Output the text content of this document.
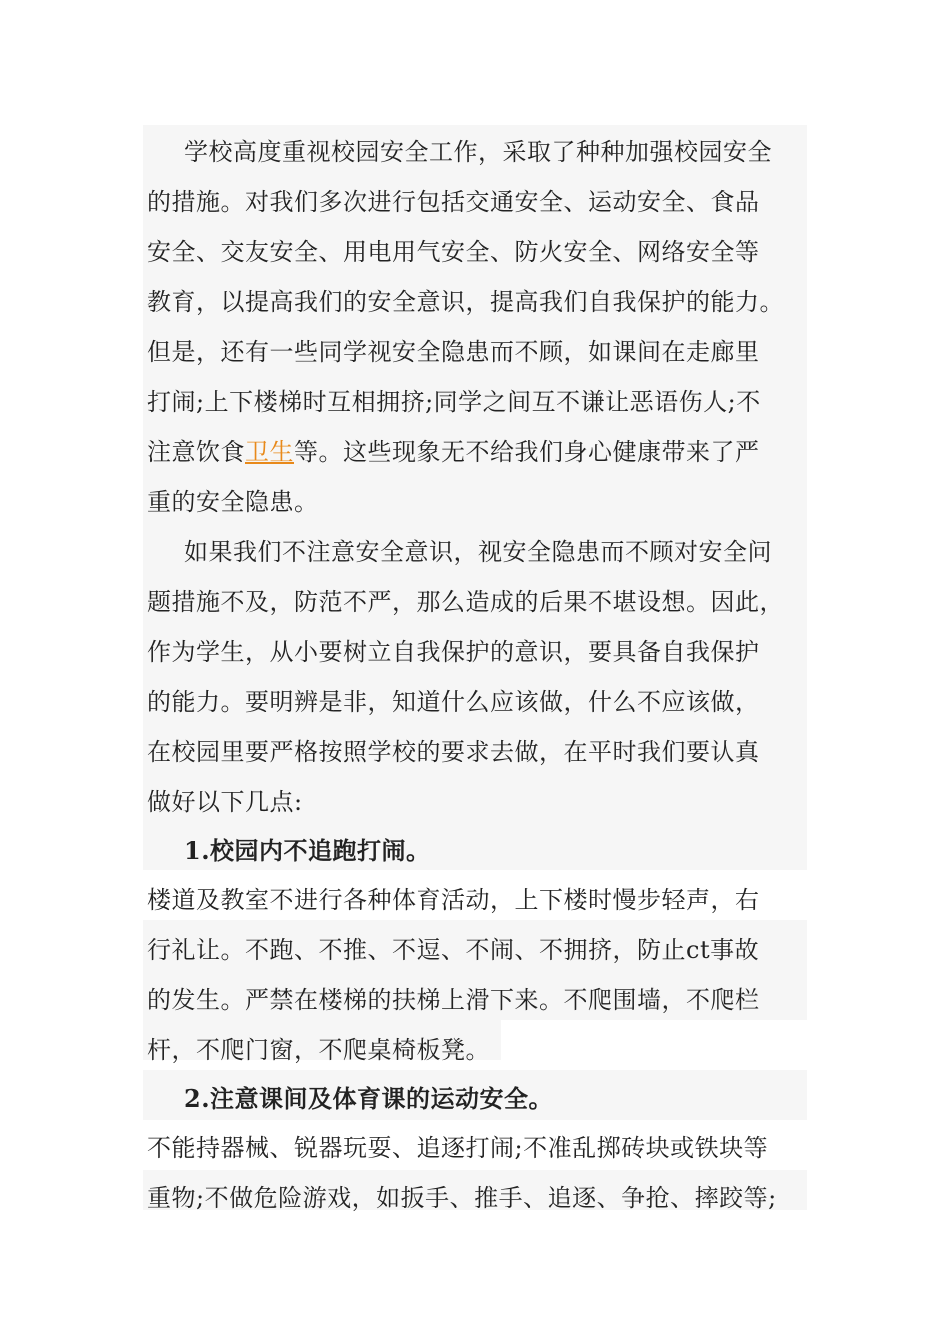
学校高度重视校园安全工作，采取了种种加强校园安全
的措施。对我们多次进行包括交通安全、运动安全、食品
安全、交友安全、用电用气安全、防火安全、网络安全等
教育，以提高我们的安全意识，提高我们自我保护的能力。
但是，还有一些同学视安全隐患而不顾，如课间在走廊里
打闹;上下楼梯时互相拥挤;同学之间互不谦让恶语伤人;不
注意饮食卫生等。这些现象无不给我们身心健康带来了严
重的安全隐患。
如果我们不注意安全意识，视安全隐患而不顾对安全问
题措施不及，防范不严，那么造成的后果不堪设想。因此，
作为学生，从小要树立自我保护的意识，要具备自我保护
的能力。要明辨是非，知道什么应该做，什么不应该做，
在校园里要严格按照学校的要求去做，在平时我们要认真
做好以下几点:
1.校园内不追跑打闹。
楼道及教室不进行各种体育活动，上下楼时慢步轻声，右
行礼让。不跑、不推、不逗、不闹、不拥挤，防止ct事故
的发生。严禁在楼梯的扶梯上滑下来。不爬围墙，不爬栏
杆，不爬门窗，不爬桌椅板凳。
2.注意课间及体育课的运动安全。
不能持器械、锐器玩耍、追逐打闹;不准乱掷砖块或铁块等
重物;不做危险游戏，如扳手、推手、追逐、争抢、摔跤等;
